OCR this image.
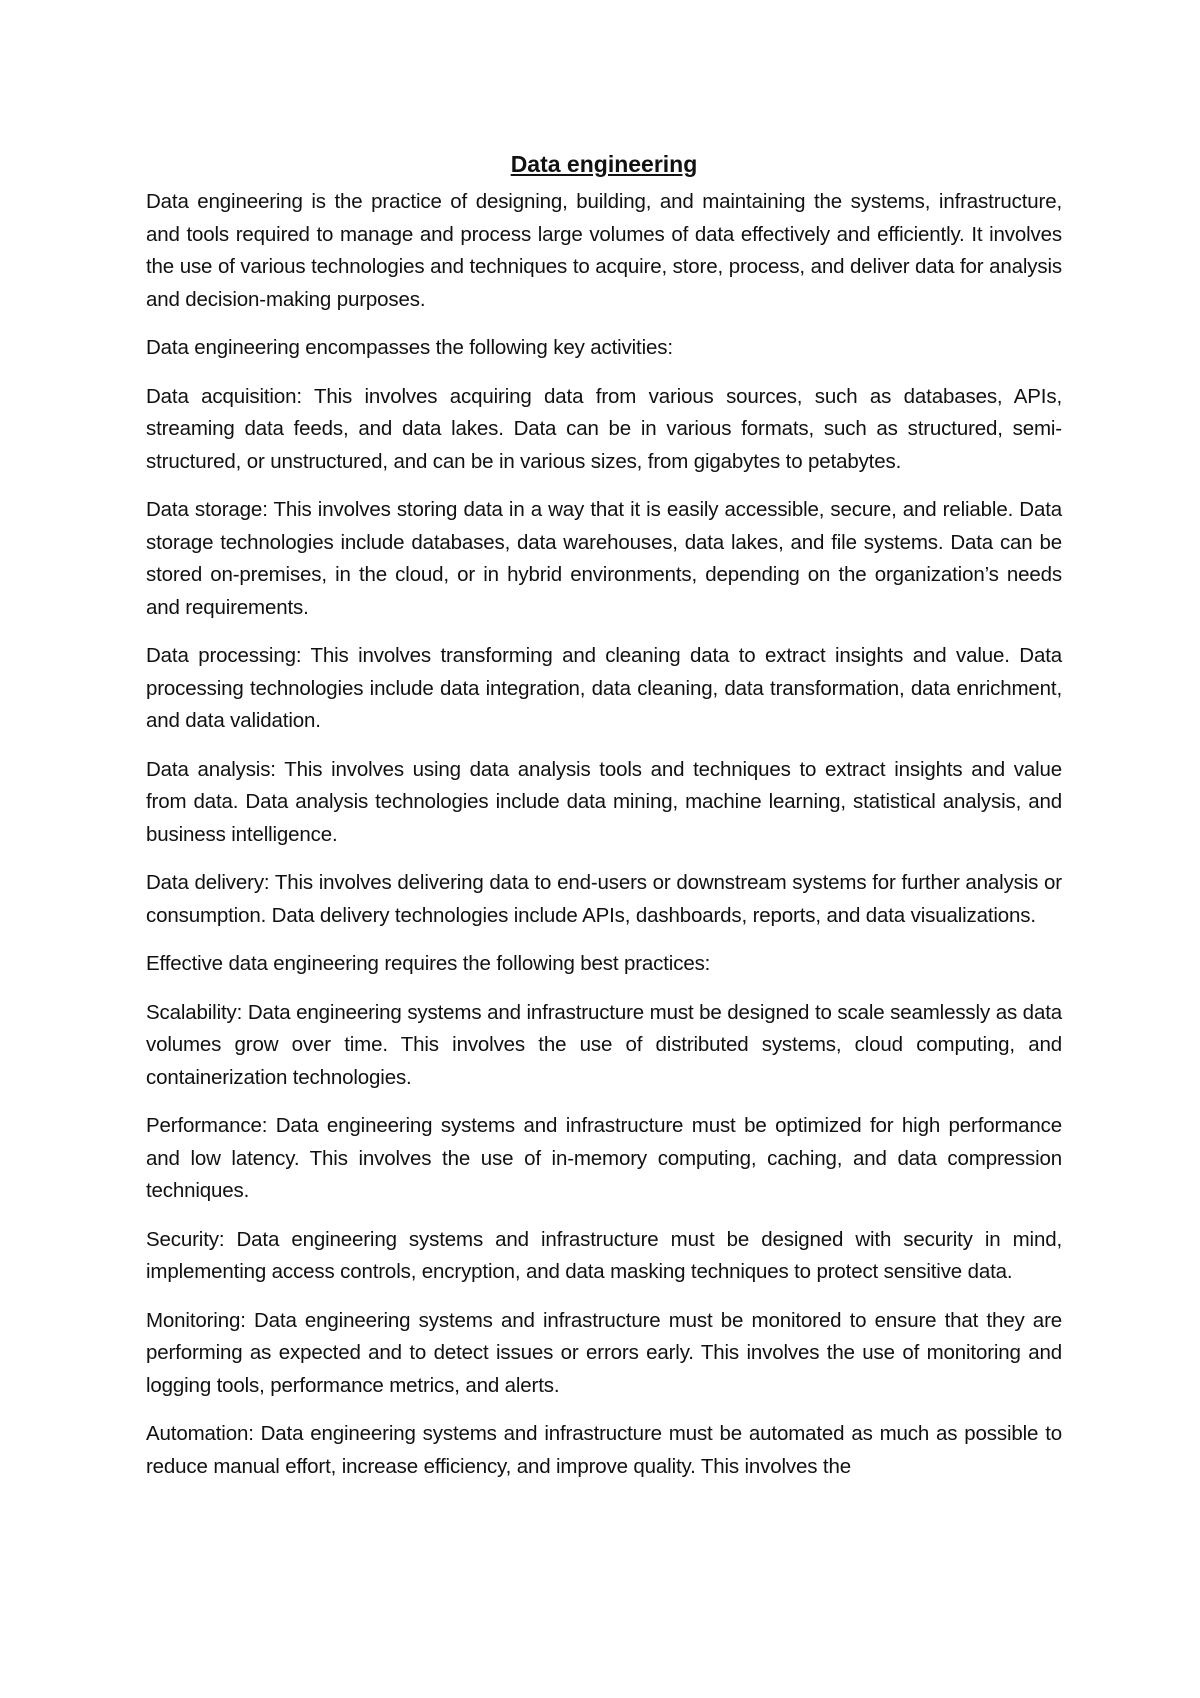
Data engineering

Data engineering is the practice of designing, building, and maintaining the systems, infrastructure, and tools required to manage and process large volumes of data effectively and efficiently. It involves the use of various technologies and techniques to acquire, store, process, and deliver data for analysis and decision-making purposes.

Data engineering encompasses the following key activities:

Data acquisition: This involves acquiring data from various sources, such as databases, APIs, streaming data feeds, and data lakes. Data can be in various formats, such as structured, semi-structured, or unstructured, and can be in various sizes, from gigabytes to petabytes.

Data storage: This involves storing data in a way that it is easily accessible, secure, and reliable. Data storage technologies include databases, data warehouses, data lakes, and file systems. Data can be stored on-premises, in the cloud, or in hybrid environments, depending on the organization’s needs and requirements.

Data processing: This involves transforming and cleaning data to extract insights and value. Data processing technologies include data integration, data cleaning, data transformation, data enrichment, and data validation.

Data analysis: This involves using data analysis tools and techniques to extract insights and value from data. Data analysis technologies include data mining, machine learning, statistical analysis, and business intelligence.

Data delivery: This involves delivering data to end-users or downstream systems for further analysis or consumption. Data delivery technologies include APIs, dashboards, reports, and data visualizations.

Effective data engineering requires the following best practices:

Scalability: Data engineering systems and infrastructure must be designed to scale seamlessly as data volumes grow over time. This involves the use of distributed systems, cloud computing, and containerization technologies.

Performance: Data engineering systems and infrastructure must be optimized for high performance and low latency. This involves the use of in-memory computing, caching, and data compression techniques.

Security: Data engineering systems and infrastructure must be designed with security in mind, implementing access controls, encryption, and data masking techniques to protect sensitive data.

Monitoring: Data engineering systems and infrastructure must be monitored to ensure that they are performing as expected and to detect issues or errors early. This involves the use of monitoring and logging tools, performance metrics, and alerts.

Automation: Data engineering systems and infrastructure must be automated as much as possible to reduce manual effort, increase efficiency, and improve quality. This involves the
